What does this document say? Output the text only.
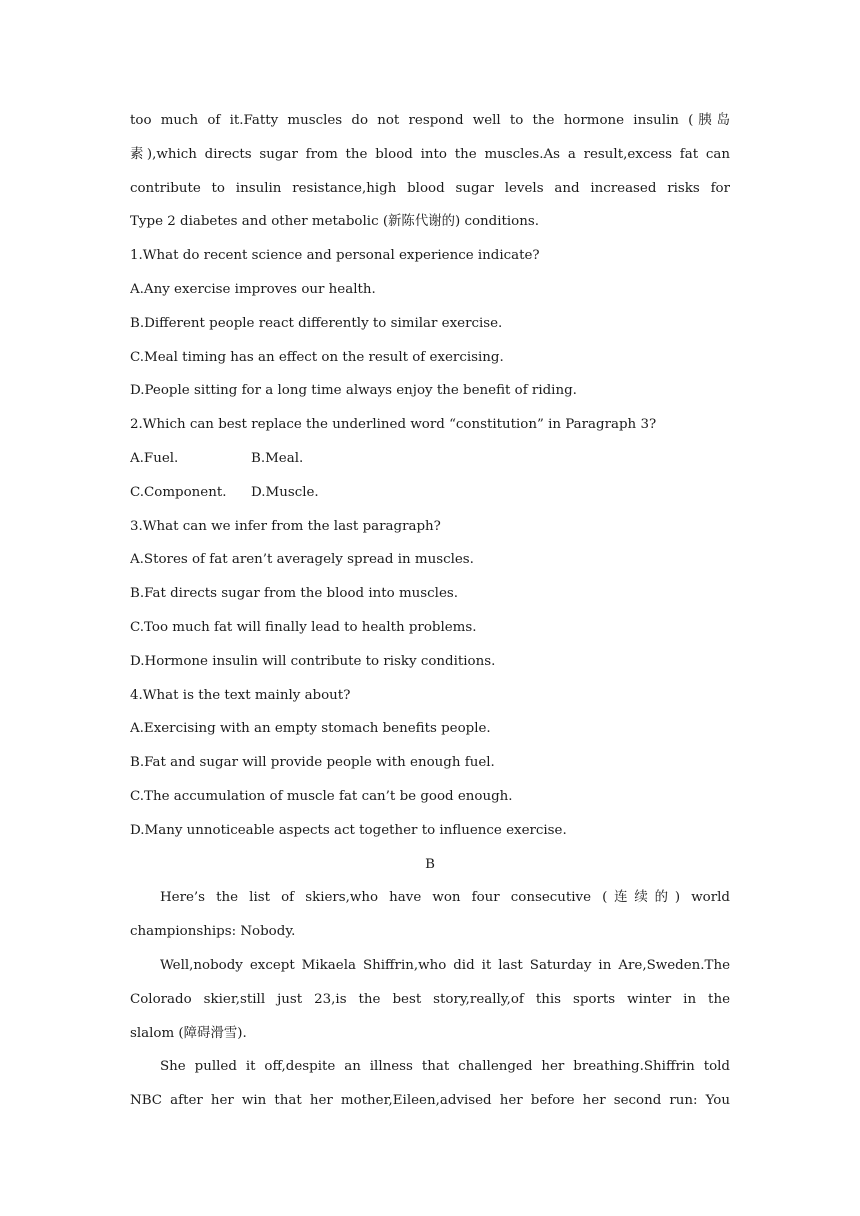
too much of it.Fatty muscles do not respond well to the hormone insulin (胰岛
素),which directs sugar from the blood into the muscles.As a result,excess fat can
contribute to insulin resistance,high blood sugar levels and increased risks for
Type 2 diabetes and other metabolic (新陈代谢的) conditions.
1.What do recent science and personal experience indicate?
A.Any exercise improves our health.
B.Different people react differently to similar exercise.
C.Meal timing has an effect on the result of exercising.
D.People sitting for a long time always enjoy the benefit of riding.
2.Which can best replace the underlined word “constitution” in Paragraph 3?
A.Fuel.	B.Meal.
C.Component. D.Muscle.
3.What can we infer from the last paragraph?
A.Stores of fat aren’t averagely spread in muscles.
B.Fat directs sugar from the blood into muscles.
C.Too much fat will finally lead to health problems.
D.Hormone insulin will contribute to risky conditions.
4.What is the text mainly about?
A.Exercising with an empty stomach benefits people.
B.Fat and sugar will provide people with enough fuel.
C.The accumulation of muscle fat can’t be good enough.
D.Many unnoticeable aspects act together to influence exercise.
B
Here’s the list of skiers,who have won four consecutive (连续的) world
championships: Nobody.
Well,nobody except Mikaela Shiffrin,who did it last Saturday in Are,Sweden.The
Colorado skier,still just 23,is the best story,really,of this sports winter in the
slalom (障碍滑雪).
She pulled it off,despite an illness that challenged her breathing.Shiffrin told
NBC after her win that her mother,Eileen,advised her before her second run: You
